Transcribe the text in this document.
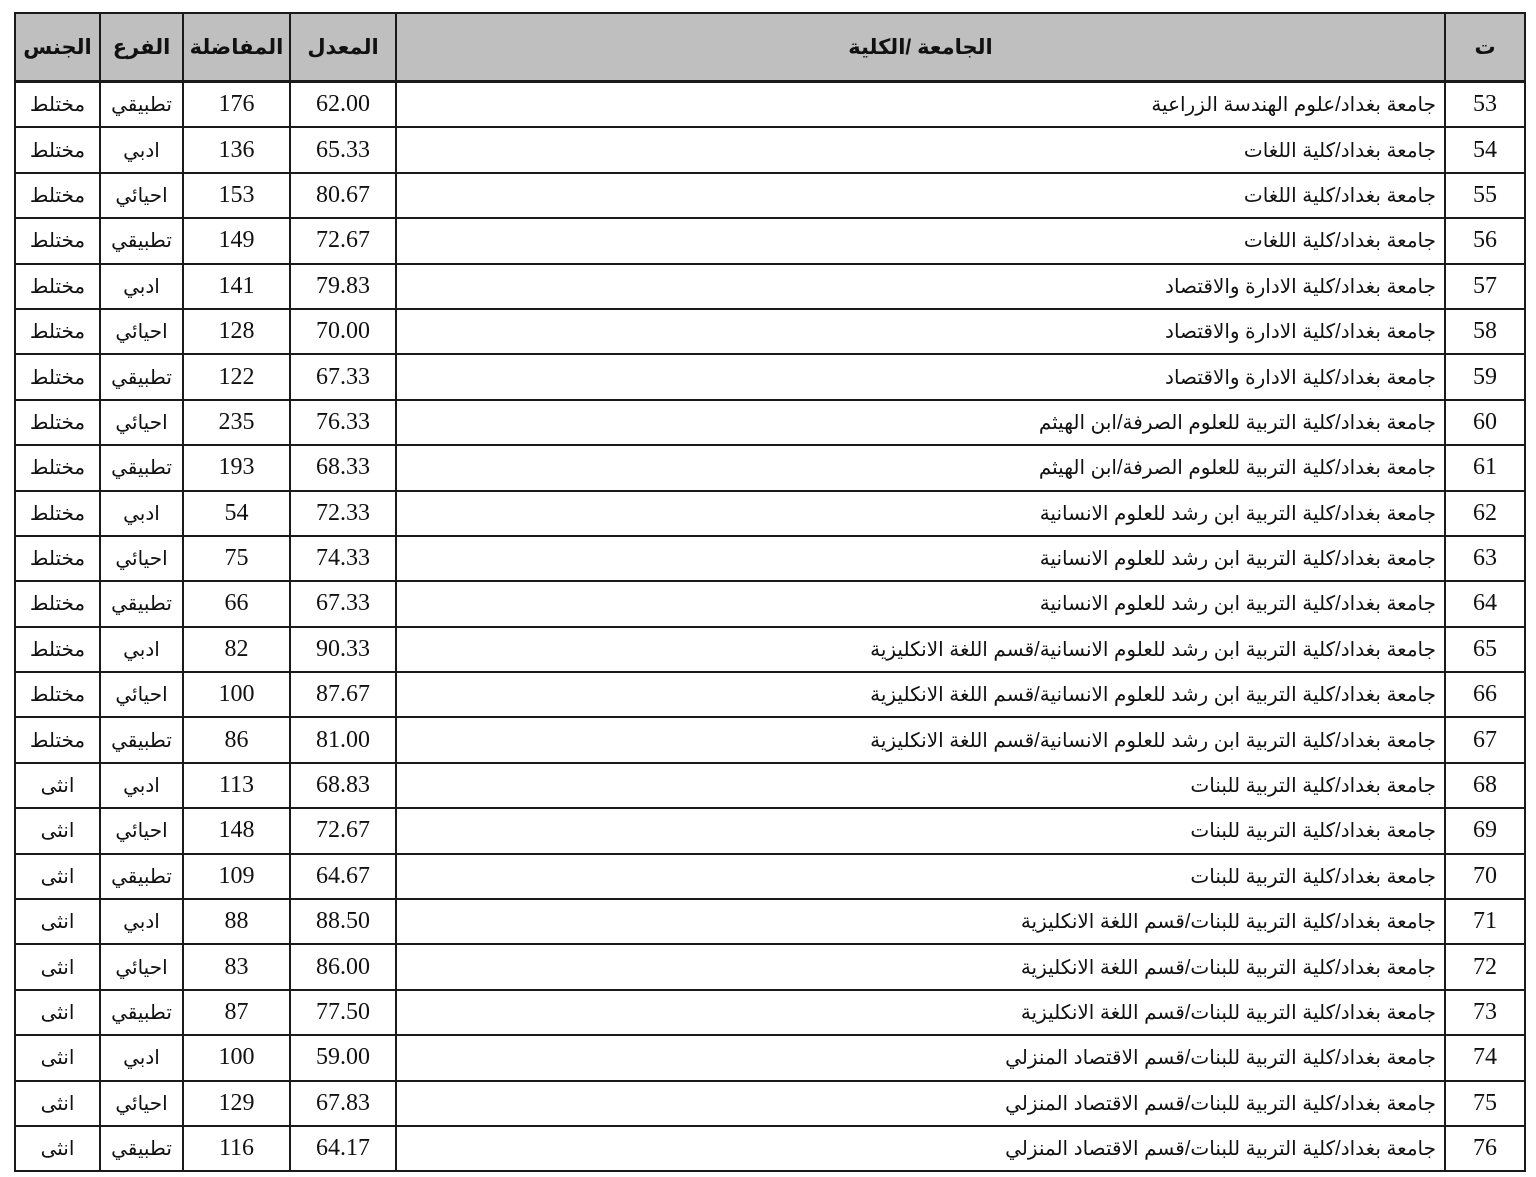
الجنس	الفرع	المفاضلة	المعدل	الجامعة /الكلية	ت
مختلط	تطبيقي	176	62.00	جامعة بغداد/علوم الهندسة الزراعية	53
مختلط	ادبي	136	65.33	جامعة بغداد/كلية اللغات	54
مختلط	احيائي	153	80.67	جامعة بغداد/كلية اللغات	55
مختلط	تطبيقي	149	72.67	جامعة بغداد/كلية اللغات	56
مختلط	ادبي	141	79.83	جامعة بغداد/كلية الادارة والاقتصاد	57
مختلط	احيائي	128	70.00	جامعة بغداد/كلية الادارة والاقتصاد	58
مختلط	تطبيقي	122	67.33	جامعة بغداد/كلية الادارة والاقتصاد	59
مختلط	احيائي	235	76.33	جامعة بغداد/كلية التربية للعلوم الصرفة/ابن الهيثم	60
مختلط	تطبيقي	193	68.33	جامعة بغداد/كلية التربية للعلوم الصرفة/ابن الهيثم	61
مختلط	ادبي	54	72.33	جامعة بغداد/كلية التربية ابن رشد للعلوم الانسانية	62
مختلط	احيائي	75	74.33	جامعة بغداد/كلية التربية ابن رشد للعلوم الانسانية	63
مختلط	تطبيقي	66	67.33	جامعة بغداد/كلية التربية ابن رشد للعلوم الانسانية	64
مختلط	ادبي	82	90.33	جامعة بغداد/كلية التربية ابن رشد للعلوم الانسانية/قسم اللغة الانكليزية	65
مختلط	احيائي	100	87.67	جامعة بغداد/كلية التربية ابن رشد للعلوم الانسانية/قسم اللغة الانكليزية	66
مختلط	تطبيقي	86	81.00	جامعة بغداد/كلية التربية ابن رشد للعلوم الانسانية/قسم اللغة الانكليزية	67
انثى	ادبي	113	68.83	جامعة بغداد/كلية التربية للبنات	68
انثى	احيائي	148	72.67	جامعة بغداد/كلية التربية للبنات	69
انثى	تطبيقي	109	64.67	جامعة بغداد/كلية التربية للبنات	70
انثى	ادبي	88	88.50	جامعة بغداد/كلية التربية للبنات/قسم اللغة الانكليزية	71
انثى	احيائي	83	86.00	جامعة بغداد/كلية التربية للبنات/قسم اللغة الانكليزية	72
انثى	تطبيقي	87	77.50	جامعة بغداد/كلية التربية للبنات/قسم اللغة الانكليزية	73
انثى	ادبي	100	59.00	جامعة بغداد/كلية التربية للبنات/قسم الاقتصاد المنزلي	74
انثى	احيائي	129	67.83	جامعة بغداد/كلية التربية للبنات/قسم الاقتصاد المنزلي	75
انثى	تطبيقي	116	64.17	جامعة بغداد/كلية التربية للبنات/قسم الاقتصاد المنزلي	76
